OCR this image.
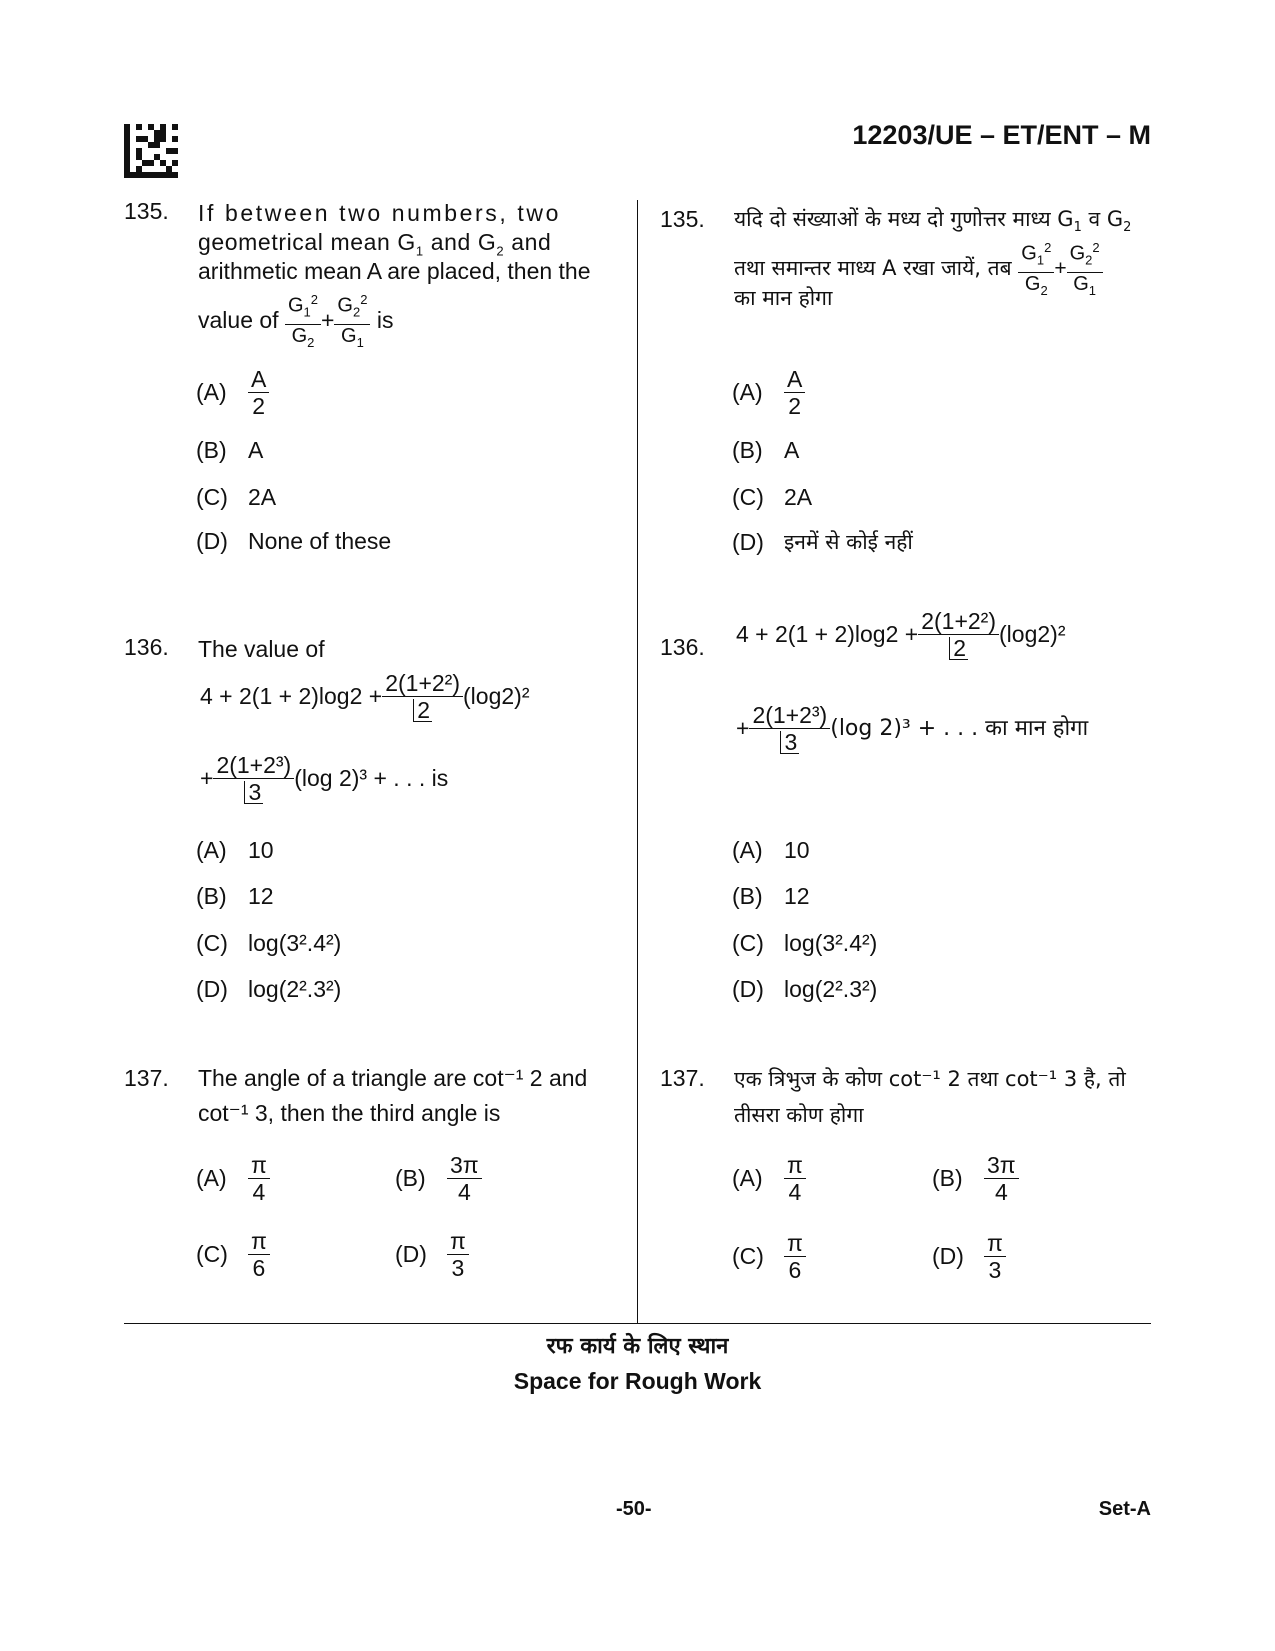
12203/UE – ET/ENT – M
135. If between two numbers, two
geometrical mean $G_1$ and $G_2$ and
arithmetic mean A are placed, then the
value of
$\frac{G_1^2}{G_2} + \frac{G_2^2}{G_1}$
is
$(A) \frac{A}{2}$
(B) A
(C) 2A
(D) None of these
136. The value of
$4 + 2(1 + 2)\log 2 + \frac{\text{2(1+2²)}}{2} (\log 2)^2$
+ $\frac{\text{2(1+2³)}}{3} (\log$ 2)³ + . . . is
(A) 10
(B) 12
(C) log(3².4²)
(D) log(2².3²)
137. The angle of a triangle are cot⁻¹ 2 and
cot⁻¹ 3, then the third angle is
$(A) \frac{\pi}{4}$	$(B) \frac{3\pi}{4}$
$(C) \frac{\pi}{6}$	$(D) \frac{\pi}{3}$
135. यदि दो संख्याओं के मध्य दो गुणोत्तर माध्य $G_1$ व $G_2$
तथा समान्तर माध्य A रखा जायें, तब
$\frac{G_1^2}{G_2} + \frac{G_2^2}{G_1}$
का मान होगा
$(A) \frac{A}{2}$
(B) A
(C) 2A
(D) इनमें से कोई नहीं
136. $4 + 2(1 + 2)\log 2 + \frac{\text{2(1+2²)}}{2} (\log 2)^2$
+ $\frac{\text{2(1+2³)}}{3} (\log$ 2)³ + . . . का मान होगा
(A) 10
(B) 12
(C) log(3².4²)
(D) log(2².3²)
137. एक त्रिभुज के कोण cot⁻¹ 2 तथा cot⁻¹ 3 है, तो
तीसरा कोण होगा
$(A) \frac{\pi}{4}$	$(B) \frac{3\pi}{4}$
$(C) \frac{\pi}{6}$	$(D) \frac{\pi}{3}$
रफ कार्य के लिए स्थान
Space for Rough Work
-50-	Set-A
